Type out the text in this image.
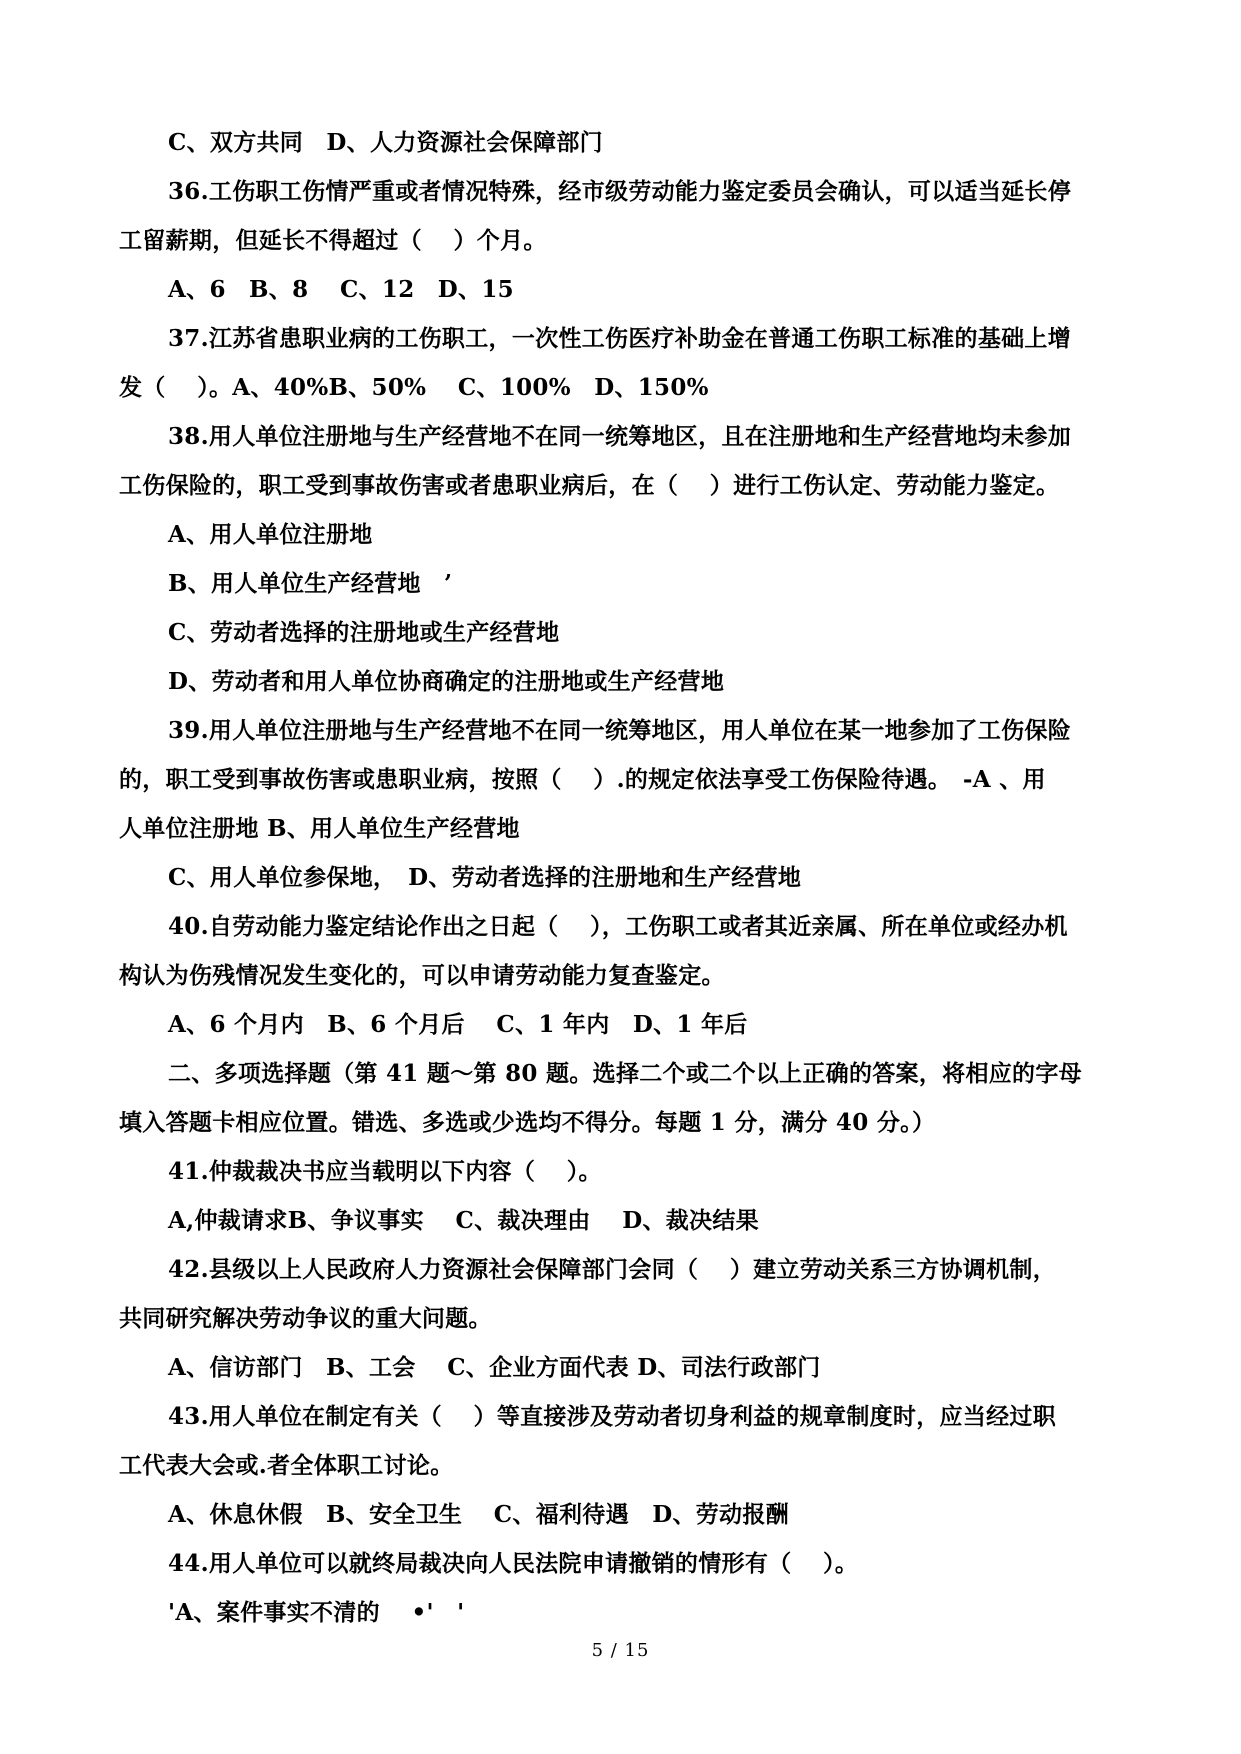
C、双方共同　D、人力资源社会保障部门

36.工伤职工伤情严重或者情况特殊，经市级劳动能力鉴定委员会确认，可以适当延长停

工留薪期，但延长不得超过（　 ）个月。

A、6　B、8　 C、12　D、15

37.江苏省患职业病的工伤职工，一次性工伤医疗补助金在普通工伤职工标准的基础上增

发（　 ）。A、40%B、50%　 C、100%　D、150%

38.用人单位注册地与生产经营地不在同一统筹地区，且在注册地和生产经营地均未参加

工伤保险的，职工受到事故伤害或者患职业病后，在（　 ）进行工伤认定、劳动能力鉴定。

A、用人单位注册地

B、用人单位生产经营地　’

C、劳动者选择的注册地或生产经营地

D、劳动者和用人单位协商确定的注册地或生产经营地

39.用人单位注册地与生产经营地不在同一统筹地区，用人单位在某一地参加了工伤保险

的，职工受到事故伤害或患职业病，按照（　 ）.的规定依法享受工伤保险待遇。　-A 、用

人单位注册地 B、用人单位生产经营地

C、用人单位参保地，　D、劳动者选择的注册地和生产经营地

40.自劳动能力鉴定结论作出之日起（　 ），工伤职工或者其近亲属、所在单位或经办机

构认为伤残情况发生变化的，可以申请劳动能力复查鉴定。

A、6 个月内　B、6 个月后　 C、1 年内　D、1 年后

二、多项选择题（第 41 题～第 80 题。选择二个或二个以上正确的答案，将相应的字母

填入答题卡相应位置。错选、多选或少选均不得分。每题 1 分，满分 40 分。）

41.仲裁裁决书应当载明以下内容（　 ）。

A,仲裁请求B、争议事实　 C、裁决理由　 D、裁决结果

42.县级以上人民政府人力资源社会保障部门会同（　 ）建立劳动关系三方协调机制，

共同研究解决劳动争议的重大问题。

A、信访部门　B、工会　 C、企业方面代表 D、司法行政部门

43.用人单位在制定有关（　 ）等直接涉及劳动者切身利益的规章制度时，应当经过职

工代表大会或.者全体职工讨论。

A、休息休假　B、安全卫生　 C、福利待遇　D、劳动报酬

44.用人单位可以就终局裁决向人民法院申请撤销的情形有（　 ）。

'A、案件事实不清的　 •'　'

5 / 15
